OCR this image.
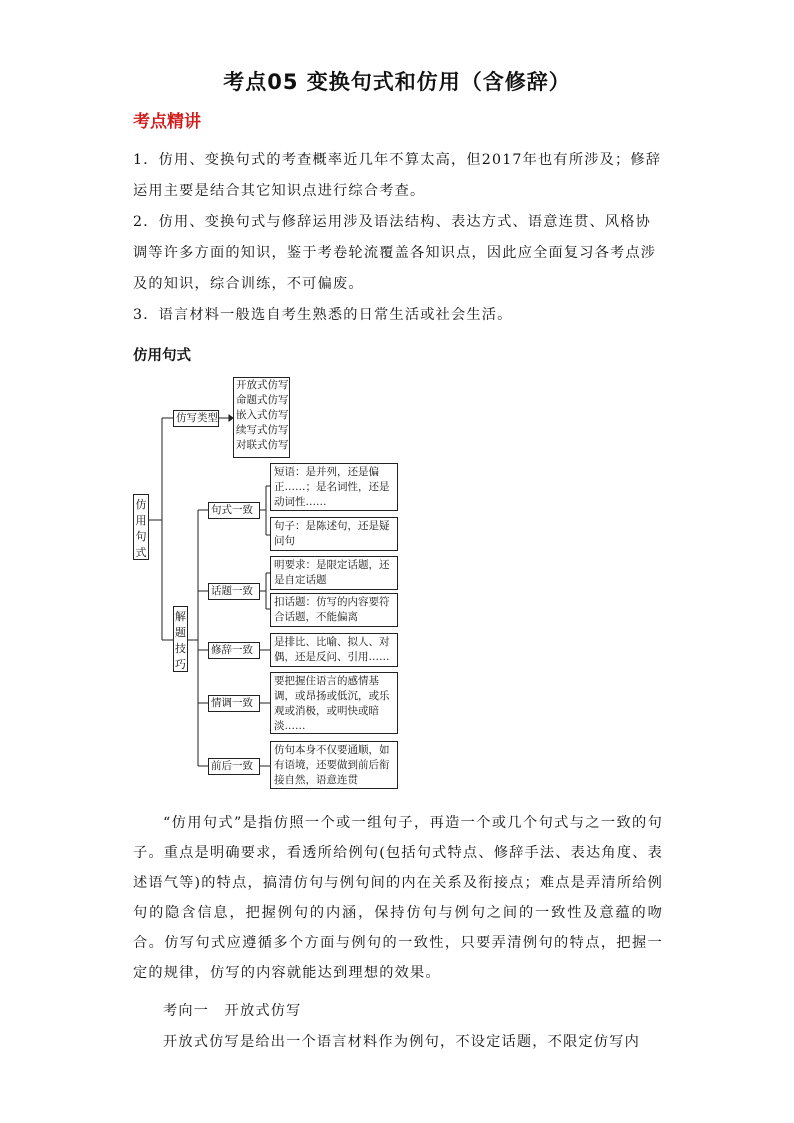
考点05 变换句式和仿用（含修辞）
考点精讲

1．仿用、变换句式的考查概率近几年不算太高，但2017年也有所涉及；修辞运用主要是结合其它知识点进行综合考查。

2．仿用、变换句式与修辞运用涉及语法结构、表达方式、语意连贯、风格协调等许多方面的知识，鉴于考卷轮流覆盖各知识点，因此应全面复习各考点涉及的知识，综合训练，不可偏废。

3．语言材料一般选自考生熟悉的日常生活或社会生活。

仿用句式
仿用句式
仿写类型
开放式仿写
命题式仿写
嵌入式仿写
续写式仿写
对联式仿写
解题技巧
句式一致
话题一致
修辞一致
情调一致
前后一致
短语：是并列，还是偏正……；是名词性，还是动词性……
句子：是陈述句，还是疑问句
明要求：是限定话题，还是自定话题
扣话题：仿写的内容要符合话题，不能偏离
是排比、比喻、拟人、对偶，还是反问、引用……
要把握住语言的感情基调，或昂扬或低沉，或乐观或消极，或明快或暗淡……
仿句本身不仅要通顺，如有语境，还要做到前后衔接自然，语意连贯

“仿用句式”是指仿照一个或一组句子，再造一个或几个句式与之一致的句子。重点是明确要求，看透所给例句(包括句式特点、修辞手法、表达角度、表述语气等)的特点，搞清仿句与例句间的内在关系及衔接点；难点是弄清所给例句的隐含信息，把握例句的内涵，保持仿句与例句之间的一致性及意蕴的吻合。仿写句式应遵循多个方面与例句的一致性，只要弄清例句的特点，把握一定的规律，仿写的内容就能达到理想的效果。

考向一　开放式仿写
开放式仿写是给出一个语言材料作为例句，不设定话题，不限定仿写内
